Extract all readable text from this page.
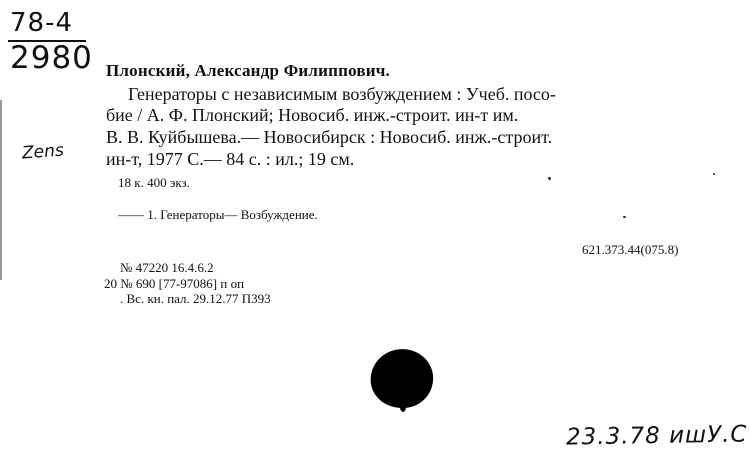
78-4
2980 Плонский, Александр Филиппович.
Генераторы с независимым возбуждением : Учеб. посо-
бие / А. Ф. Плонский; Новосиб. инж.-строит. ин-т им.
В. В. Куйбышева.— Новосибирск : Новосиб. инж.-строит.
ин-т, 1977 С.— 84 с. : ил.; 19 см.
Zens
18 к. 400 экз.
—— 1. Генераторы— Возбуждение.
621.373.44(075.8)
№ 47220 16.4.6.2
20 № 690 [77-97086] п оп
. Вс. кн. пал. 29.12.77 П393
23.3.78 ишУ.С
